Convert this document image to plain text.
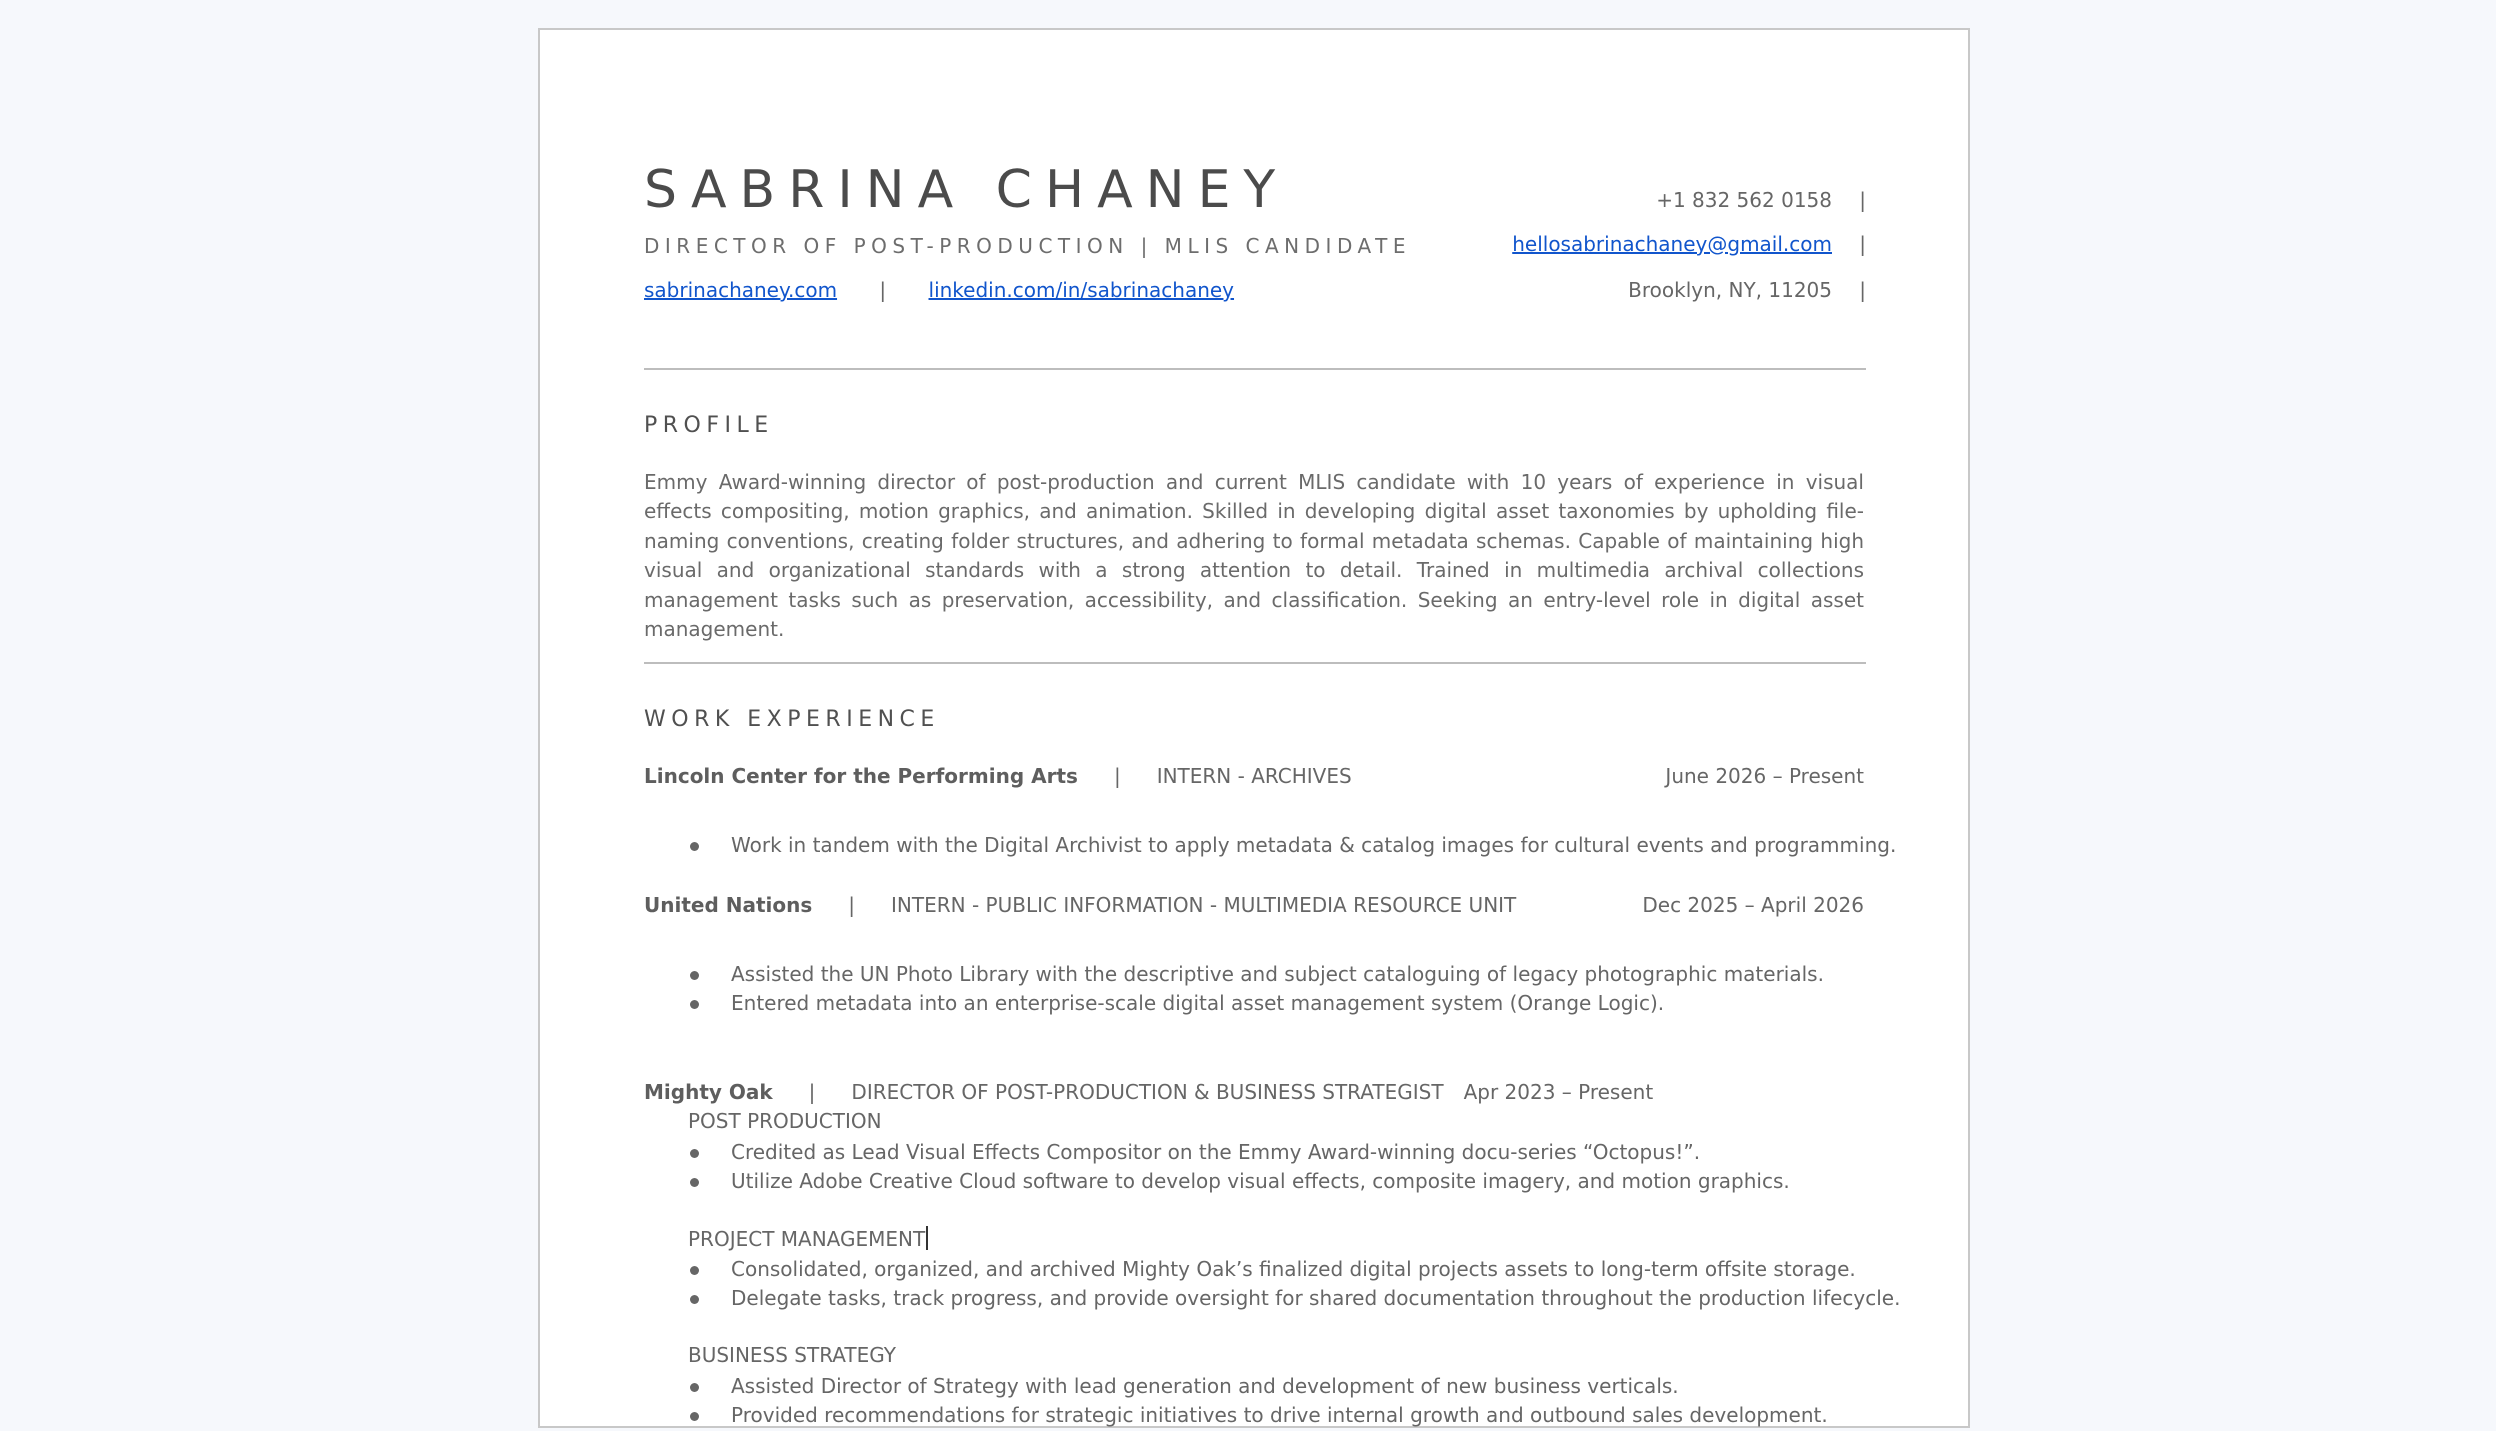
SABRINA CHANEY
DIRECTOR OF POST-PRODUCTION | MLIS CANDIDATE
sabrinachaney.com | linkedin.com/in/sabrinachaney
+1 832 562 0158 |
hellosabrinachaney@gmail.com |
Brooklyn, NY, 11205 |
PROFILE
Emmy Award-winning director of post-production and current MLIS candidate with 10 years of experience in visual effects compositing, motion graphics, and animation. Skilled in developing digital asset taxonomies by upholding file-naming conventions, creating folder structures, and adhering to formal metadata schemas. Capable of maintaining high visual and organizational standards with a strong attention to detail. Trained in multimedia archival collections management tasks such as preservation, accessibility, and classification. Seeking an entry-level role in digital asset management.
WORK EXPERIENCE
Lincoln Center for the Performing Arts | INTERN - ARCHIVES	June 2026 – Present
Work in tandem with the Digital Archivist to apply metadata & catalog images for cultural events and programming.
United Nations | INTERN - PUBLIC INFORMATION - MULTIMEDIA RESOURCE UNIT	Dec 2025 – April 2026
Assisted the UN Photo Library with the descriptive and subject cataloguing of legacy photographic materials.
Entered metadata into an enterprise-scale digital asset management system (Orange Logic).
Mighty Oak | DIRECTOR OF POST-PRODUCTION & BUSINESS STRATEGIST Apr 2023 – Present
POST PRODUCTION
Credited as Lead Visual Effects Compositor on the Emmy Award-winning docu-series “Octopus!”.
Utilize Adobe Creative Cloud software to develop visual effects, composite imagery, and motion graphics.
PROJECT MANAGEMENT
Consolidated, organized, and archived Mighty Oak’s finalized digital projects assets to long-term offsite storage.
Delegate tasks, track progress, and provide oversight for shared documentation throughout the production lifecycle.
BUSINESS STRATEGY
Assisted Director of Strategy with lead generation and development of new business verticals.
Provided recommendations for strategic initiatives to drive internal growth and outbound sales development.
